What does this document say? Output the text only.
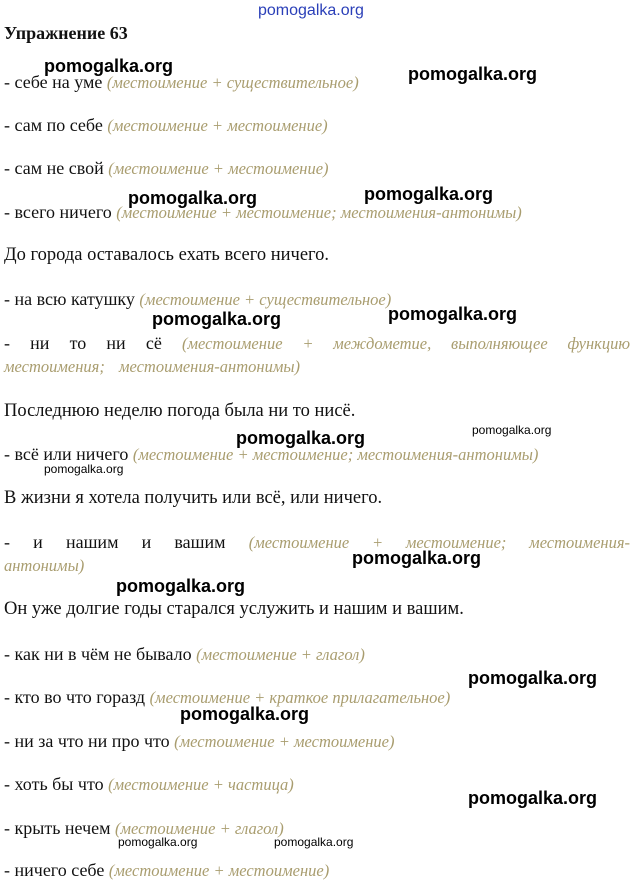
pomogalka.org
Упражнение 63
- себе на уме (местоимение + существительное)
- сам по себе (местоимение + местоимение)
- сам не свой (местоимение + местоимение)
- всего ничего (местоимение + местоимение; местоимения-антонимы)
До города оставалось ехать всего ничего.
- на всю катушку (местоимение + существительное)
- ни то ни сё (местоимение + междометие, выполняющее функцию местоимения; местоимения-антонимы)
Последнюю неделю погода была ни то нисё.
- всё или ничего (местоимение + местоимение; местоимения-антонимы)
В жизни я хотела получить или всё, или ничего.
- и нашим и вашим (местоимение + местоимение; местоимения-антонимы)
Он уже долгие годы старался услужить и нашим и вашим.
- как ни в чём не бывало (местоимение + глагол)
- кто во что горазд (местоимение + краткое прилагательное)
- ни за что ни про что (местоимение + местоимение)
- хоть бы что (местоимение + частица)
- крыть нечем (местоимение + глагол)
- ничего себе (местоимение + местоимение)
pomogalka.org	pomogalka.org
pomogalka.org	pomogalka.org
pomogalka.org	pomogalka.org
pomogalka.org	pomogalka.org
pomogalka.org
pomogalka.org
pomogalka.org
pomogalka.org
pomogalka.org
pomogalka.org
pomogalka.org	pomogalka.org
